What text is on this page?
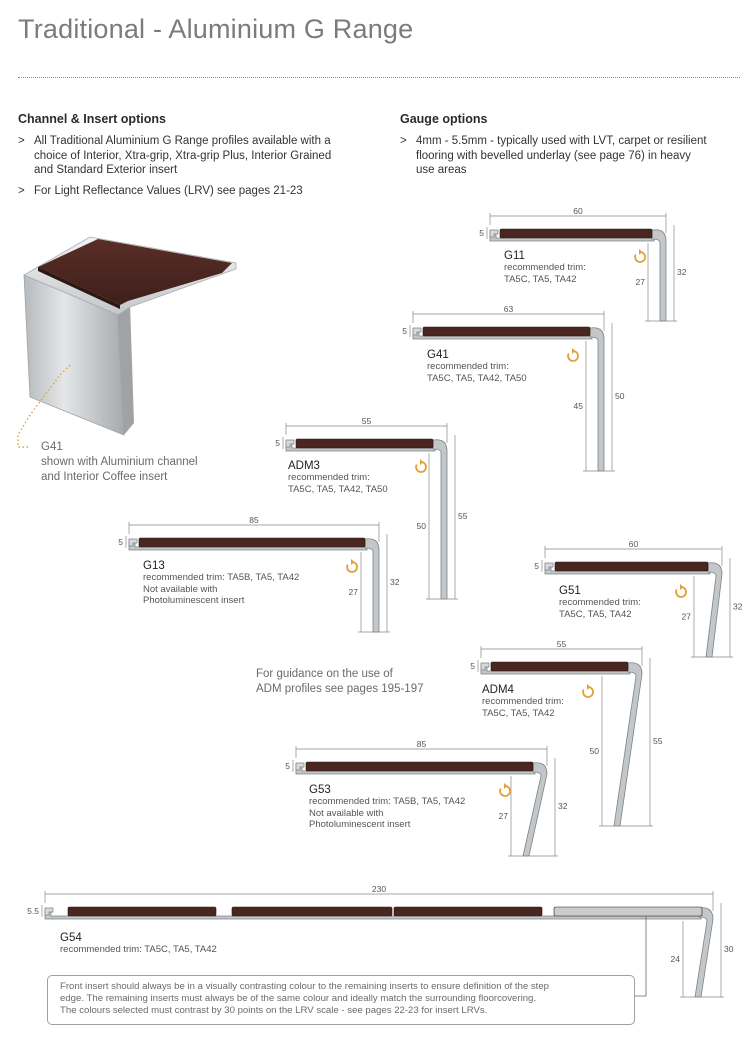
Traditional - Aluminium G Range
Channel & Insert options
> All Traditional Aluminium G Range profiles available with a
choice of Interior, Xtra-grip, Xtra-grip Plus, Interior Grained
and Standard Exterior insert
> For Light Reflectance Values (LRV) see pages 21-23
Gauge options
> 4mm - 5.5mm - typically used with LVT, carpet or resilient
flooring with bevelled underlay (see page 76) in heavy
use areas
G41
shown with Aluminium channel
and Interior Coffee insert
For guidance on the use of
ADM profiles see pages 195-197
60
5
27
32
63
5
45
50
55
5
50
55
85
5
27
32
60
5
27
32
55
5
50
55
85
5
27
32
230
5.5
24
30
G11
recommended trim:
TA5C, TA5, TA42
G41
recommended trim:
TA5C, TA5, TA42, TA50
ADM3
recommended trim:
TA5C, TA5, TA42, TA50
G13
recommended trim: TA5B, TA5, TA42
Not available with
Photoluminescent insert
G51
recommended trim:
TA5C, TA5, TA42
ADM4
recommended trim:
TA5C, TA5, TA42
G53
recommended trim: TA5B, TA5, TA42
Not available with
Photoluminescent insert
G54
recommended trim: TA5C, TA5, TA42

Front insert should always be in a visually contrasting colour to the remaining inserts to ensure definition of the step
edge. The remaining inserts must always be of the same colour and ideally match the surrounding floorcovering.
The colours selected must contrast by 30 points on the LRV scale - see pages 22-23 for insert LRVs.
